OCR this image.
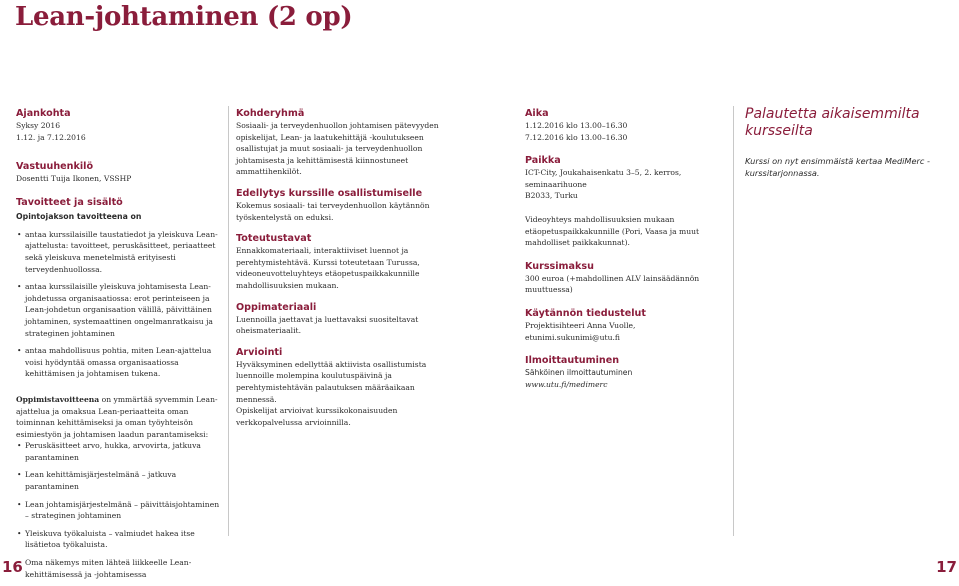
Lean-johtaminen (2 op)
Ajankohta

Syksy 2016

1.12. ja 7.12.2016

Vastuuhenkilö

Dosentti Tuija Ikonen, VSSHP

Tavoitteet ja sisältö

Opintojakson tavoitteena on

• antaa kurssilaisille taustatiedot ja yleiskuva Lean-ajattelusta: tavoitteet, peruskäsitteet, periaatteet sekä yleiskuva menetelmistä erityisesti terveydenhuollossa.
• antaa kurssilaisille yleiskuva johtamisesta Lean-johdetussa organisaatiossa: erot perinteiseen ja Lean-johdetun organisaation välillä, päivittäinen johtaminen, systemaattinen ongelmanratkaisu ja strateginen johtaminen
• antaa mahdollisuus pohtia, miten Lean-ajattelua voisi hyödyntää omassa organisaatiossa kehittämisen ja johtamisen tukena.

Oppimistavoitteena on ymmärtää syvemmin Lean-ajattelua ja omaksua Lean-periaatteita oman toiminnan kehittämiseksi ja oman työyhteisön esimiestyön ja johtamisen laadun parantamiseksi:

• Peruskäsitteet arvo, hukka, arvovirta, jatkuva parantaminen
• Lean kehittämisjärjestelmänä – jatkuva parantaminen
• Lean johtamisjärjestelmänä – päivittäisjohtaminen – strateginen johtaminen
• Yleiskuva työkaluista – valmiudet hakea itse lisätietoa työkaluista.
• Oma näkemys miten lähteä liikkeelle Lean-kehittämisessä ja -johtamisessa
Kohderyhmä

Sosiaali- ja terveydenhuollon johtamisen pätevyyden opiskelijat, Lean- ja laatukehittäjä -koulutukseen osallistujat ja muut sosiaali- ja terveydenhuollon johtamisesta ja kehittämisestä kiinnostuneet ammattihenkilöt.

Edellytys kurssille osallistumiselle

Kokemus sosiaali- tai terveydenhuollon käytännön työskentelystä on eduksi.

Toteutustavat

Ennakkomateriaali, interaktiiviset luennot ja perehtymistehtävä. Kurssi toteutetaan Turussa, videoneuvotteluyhteys etäopetuspaikkakunnille mahdollisuuksien mukaan.

Oppimateriaali

Luennoilla jaettavat ja luettavaksi suositeltavat oheismateriaalit.

Arviointi

Hyväksyminen edellyttää aktiivista osallistumista luennoille molempina koulutuspäivinä ja perehtymistehtävän palautuksen määräaikaan mennessä.

Opiskelijat arvioivat kurssikokonaisuuden verkkopalvelussa arvioinnilla.

Aika

1.12.2016 klo 13.00–16.30

7.12.2016 klo 13.00–16.30

Paikka

ICT-City, Joukahaisenkatu 3–5, 2. kerros, seminaarihuone

B2033, Turku

Videoyhteys mahdollisuuksien mukaan etäopetuspaikkakunnille (Pori, Vaasa ja muut mahdolliset paikkakunnat).

Kurssimaksu

300 euroa (+mahdollinen ALV lainsäädännön muuttuessa)

Käytännön tiedustelut

Projektisihteeri Anna Vuolle, etunimi.sukunimi@utu.fi

Ilmoittautuminen

Sähköinen ilmoittautuminen

www.utu.fi/medimerc

Palautetta aikaisemmilta kursseilta

Kurssi on nyt ensimmäistä kertaa MediMerc -kurssitarjonnassa.

16	17
